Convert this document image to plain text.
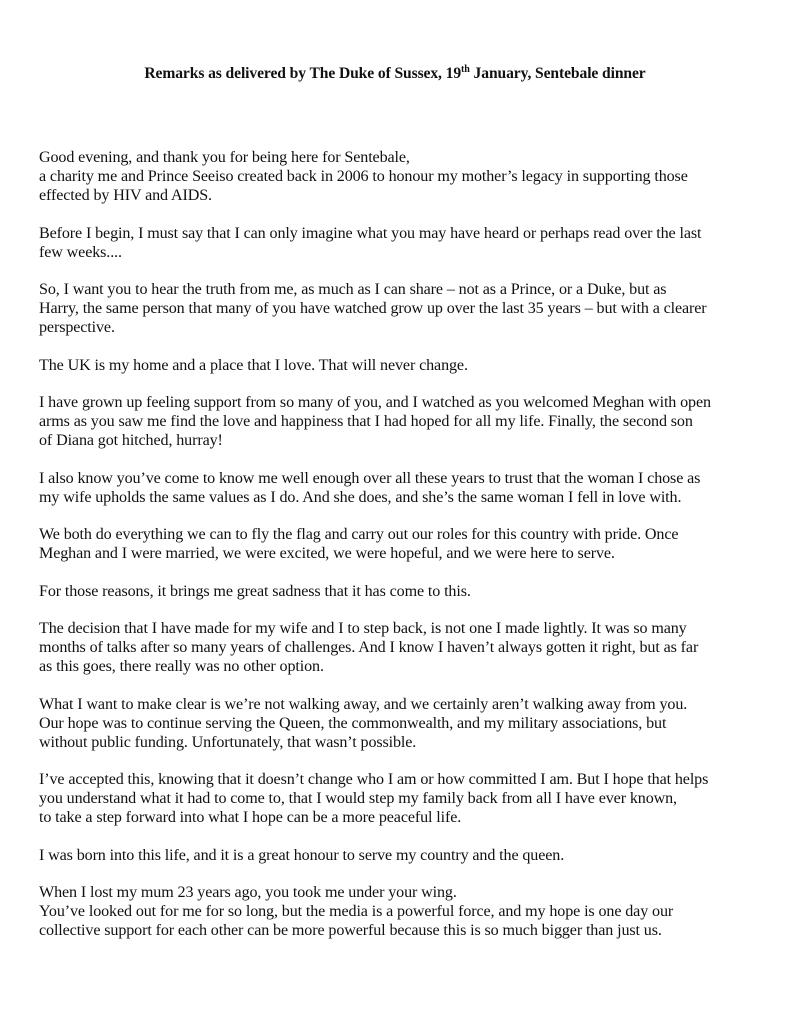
Remarks as delivered by The Duke of Sussex, 19th January, Sentebale dinner

Good evening, and thank you for being here for Sentebale,
a charity me and Prince Seeiso created back in 2006 to honour my mother’s legacy in supporting those
effected by HIV and AIDS.

Before I begin, I must say that I can only imagine what you may have heard or perhaps read over the last
few weeks....

So, I want you to hear the truth from me, as much as I can share – not as a Prince, or a Duke, but as
Harry, the same person that many of you have watched grow up over the last 35 years – but with a clearer
perspective.

The UK is my home and a place that I love. That will never change.

I have grown up feeling support from so many of you, and I watched as you welcomed Meghan with open
arms as you saw me find the love and happiness that I had hoped for all my life. Finally, the second son
of Diana got hitched, hurray!

I also know you’ve come to know me well enough over all these years to trust that the woman I chose as
my wife upholds the same values as I do. And she does, and she’s the same woman I fell in love with.

We both do everything we can to fly the flag and carry out our roles for this country with pride. Once
Meghan and I were married, we were excited, we were hopeful, and we were here to serve.

For those reasons, it brings me great sadness that it has come to this.

The decision that I have made for my wife and I to step back, is not one I made lightly. It was so many
months of talks after so many years of challenges. And I know I haven’t always gotten it right, but as far
as this goes, there really was no other option.

What I want to make clear is we’re not walking away, and we certainly aren’t walking away from you.
Our hope was to continue serving the Queen, the commonwealth, and my military associations, but
without public funding. Unfortunately, that wasn’t possible.

I’ve accepted this, knowing that it doesn’t change who I am or how committed I am. But I hope that helps
you understand what it had to come to, that I would step my family back from all I have ever known,
to take a step forward into what I hope can be a more peaceful life.

I was born into this life, and it is a great honour to serve my country and the queen.

When I lost my mum 23 years ago, you took me under your wing.
You’ve looked out for me for so long, but the media is a powerful force, and my hope is one day our
collective support for each other can be more powerful because this is so much bigger than just us.
